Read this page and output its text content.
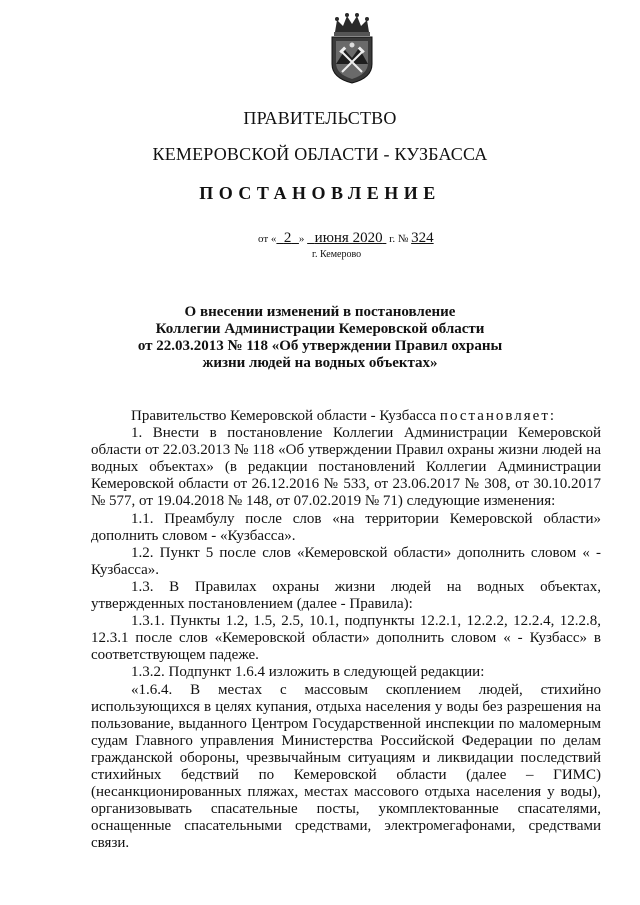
ПРАВИТЕЛЬСТВО
КЕМЕРОВСКОЙ ОБЛАСТИ - КУЗБАССА
ПОСТАНОВЛЕНИЕ
от « 2 » июня 2020 г. № 324
г. Кемерово
О внесении изменений в постановление
Коллегии Администрации Кемеровской области
от 22.03.2013 № 118 «Об утверждении Правил охраны
жизни людей на водных объектах»

Правительство Кемеровской области - Кузбасса постановляет:

1. Внести в постановление Коллегии Администрации Кемеровской области от 22.03.2013 № 118 «Об утверждении Правил охраны жизни людей на водных объектах» (в редакции постановлений Коллегии Администрации Кемеровской области от 26.12.2016 № 533, от 23.06.2017 № 308, от 30.10.2017 № 577, от 19.04.2018 № 148, от 07.02.2019 № 71) следующие изменения:

1.1. Преамбулу после слов «на территории Кемеровской области» дополнить словом - «Кузбасса».

1.2. Пункт 5 после слов «Кемеровской области» дополнить словом « - Кузбасса».

1.3. В Правилах охраны жизни людей на водных объектах, утвержденных постановлением (далее - Правила):

1.3.1. Пункты 1.2, 1.5, 2.5, 10.1, подпункты 12.2.1, 12.2.2, 12.2.4, 12.2.8, 12.3.1 после слов «Кемеровской области» дополнить словом « - Кузбасс» в соответствующем падеже.

1.3.2. Подпункт 1.6.4 изложить в следующей редакции:

«1.6.4. В местах с массовым скоплением людей, стихийно использующихся в целях купания, отдыха населения у воды без разрешения на пользование, выданного Центром Государственной инспекции по маломерным судам Главного управления Министерства Российской Федерации по делам гражданской обороны, чрезвычайным ситуациям и ликвидации последствий стихийных бедствий по Кемеровской области (далее – ГИМС) (несанкционированных пляжах, местах массового отдыха населения у воды), организовывать спасательные посты, укомплектованные спасателями, оснащенные спасательными средствами, электромегафонами, средствами связи.
